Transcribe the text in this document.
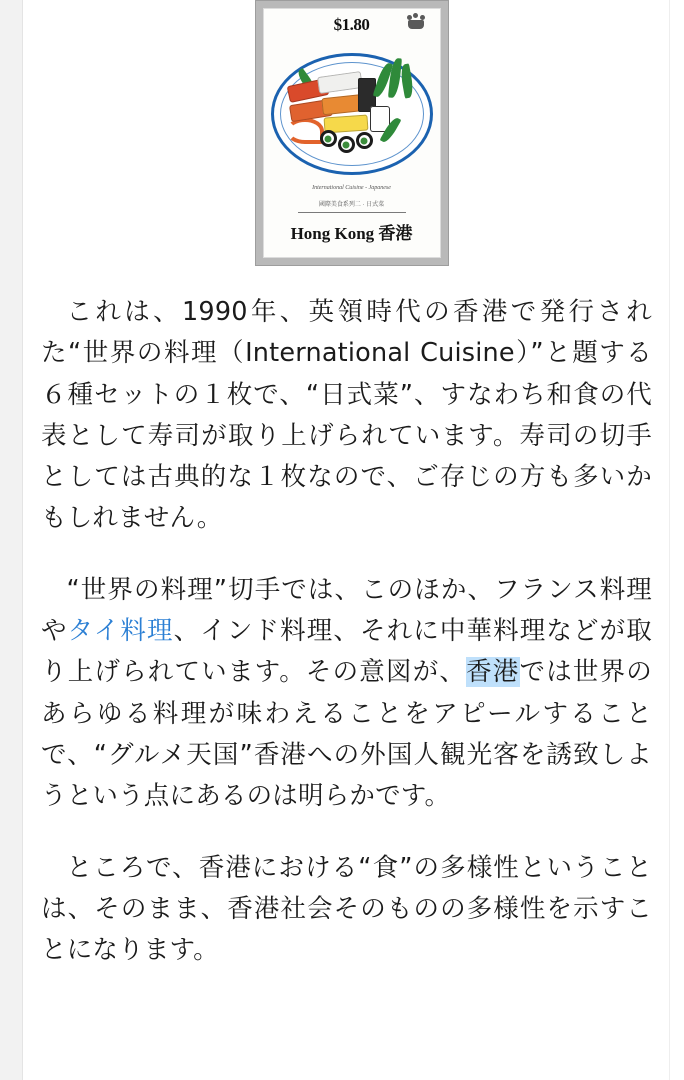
$1.80
International Cuisine - Japanese
國際美食系列二 · 日式菜
Hong Kong 香港

これは、1990年、英領時代の香港で発行された“世界の料理（International Cuisine）”と題する６種セットの１枚で、“日式菜”、すなわち和食の代表として寿司が取り上げられています。寿司の切手としては古典的な１枚なので、ご存じの方も多いかもしれません。

“世界の料理”切手では、このほか、フランス料理やタイ料理、インド料理、それに中華料理などが取り上げられています。その意図が、香港では世界のあらゆる料理が味わえることをアピールすることで、“グルメ天国”香港への外国人観光客を誘致しようという点にあるのは明らかです。

ところで、香港における“食”の多様性ということは、そのまま、香港社会そのものの多様性を示すことになります。
